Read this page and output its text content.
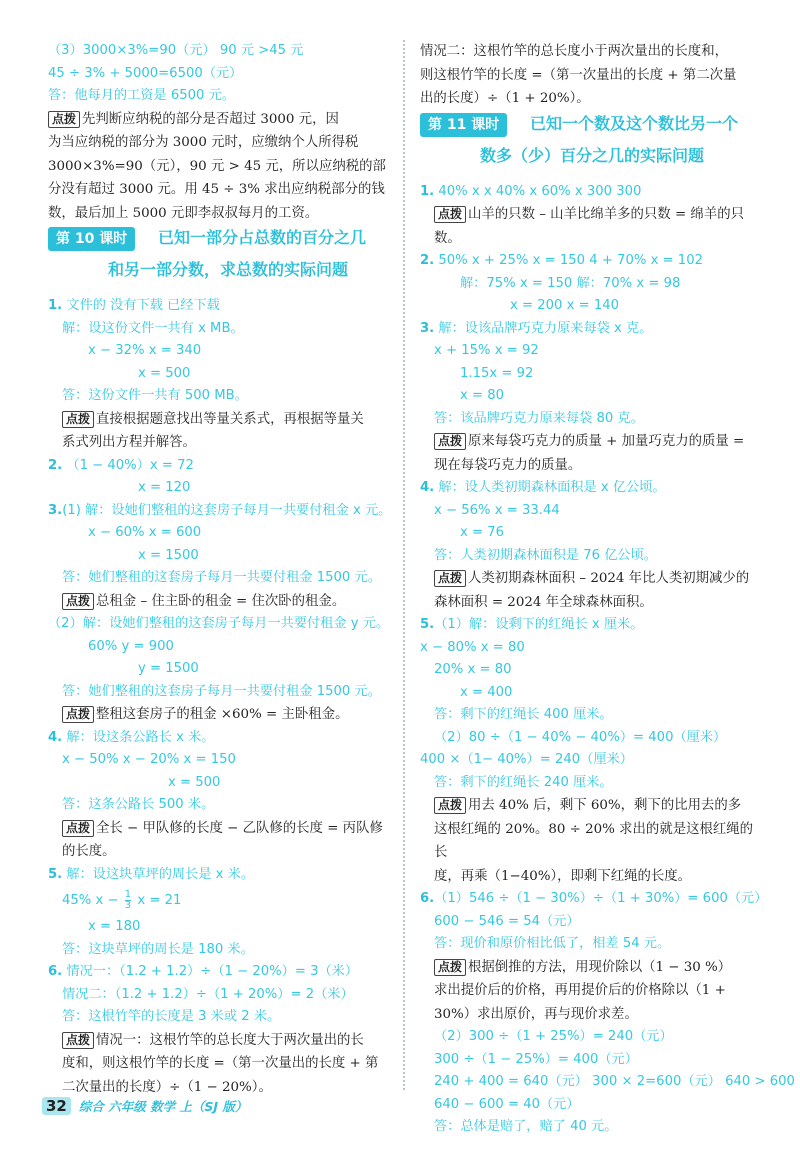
（3）3000×3%=90（元） 90 元 >45 元
45 ÷ 3% + 5000=6500（元）
答：他每月的工资是 6500 元。
点拨 先判断应纳税的部分是否超过 3000 元，因
为当应纳税的部分为 3000 元时，应缴纳个人所得税
3000×3%=90（元），90 元 > 45 元，所以应纳税的部
分没有超过 3000 元。用 45 ÷ 3% 求出应纳税部分的钱
数，最后加上 5000 元即李叔叔每月的工资。
第 10 课时	已知一部分占总数的百分之几
和另一部分数，求总数的实际问题
1. 文件的 没有下载 已经下载
解：设这份文件一共有 x MB。
x − 32% x = 340
x = 500
答：这份文件一共有 500 MB。
点拨 直接根据题意找出等量关系式，再根据等量关
系式列出方程并解答。
2. （1 − 40%）x = 72
x = 120
3.(1) 解：设她们整租的这套房子每月一共要付租金 x 元。
x − 60% x = 600
x = 1500
答：她们整租的这套房子每月一共要付租金 1500 元。
点拨 总租金 – 住主卧的租金 = 住次卧的租金。
（2）解：设她们整租的这套房子每月一共要付租金 y 元。
60% y = 900
y = 1500
答：她们整租的这套房子每月一共要付租金 1500 元。
点拨 整租这套房子的租金 ×60% = 主卧租金。
4. 解：设这条公路长 x 米。
x − 50% x − 20% x = 150
x = 500
答：这条公路长 500 米。
点拨 全长 − 甲队修的长度 − 乙队修的长度 = 丙队修
的长度。
5. 解：设这块草坪的周长是 x 米。
45% $x - \frac{1}{3}$ x = 21
x = 180
答：这块草坪的周长是 180 米。
6. 情况一：（1.2 + 1.2）÷（1 − 20%）= 3（米）
情况二：（1.2 + 1.2）÷（1 + 20%）= 2（米）
答：这根竹竿的长度是 3 米或 2 米。
点拨 情况一：这根竹竿的总长度大于两次量出的长
度和，则这根竹竿的长度 =（第一次量出的长度 + 第
二次量出的长度）÷（1 − 20%）。
情况二：这根竹竿的总长度小于两次量出的长度和，
则这根竹竿的长度 =（第一次量出的长度 + 第二次量
出的长度）÷（1 + 20%）。
第 11 课时	已知一个数及这个数比另一个
数多（少）百分之几的实际问题
1. 40% x x 40% x 60% x 300 300
点拨 山羊的只数 – 山羊比绵羊多的只数 = 绵羊的只数。
2. 50% x + 25% x = 150 4 + 70% x = 102
解：75% x = 150 解：70% x = 98
x = 200 x = 140
3. 解：设该品牌巧克力原来每袋 x 克。
x + 15% x = 92
1.15x = 92
x = 80
答：该品牌巧克力原来每袋 80 克。
点拨 原来每袋巧克力的质量 + 加量巧克力的质量 =
现在每袋巧克力的质量。
4. 解：设人类初期森林面积是 x 亿公顷。
x − 56% x = 33.44
x = 76
答：人类初期森林面积是 76 亿公顷。
点拨 人类初期森林面积 – 2024 年比人类初期减少的
森林面积 = 2024 年全球森林面积。
5.（1）解：设剩下的红绳长 x 厘米。
x − 80% x = 80
20% x = 80
x = 400
答：剩下的红绳长 400 厘米。
（2）80 ÷（1 − 40% − 40%）= 400（厘米）
400 ×（1− 40%）= 240（厘米）
答：剩下的红绳长 240 厘米。
点拨 用去 40% 后，剩下 60%，剩下的比用去的多
这根红绳的 20%。80 ÷ 20% 求出的就是这根红绳的长
度，再乘（1−40%），即剩下红绳的长度。
6.（1）546 ÷（1 − 30%）÷（1 + 30%）= 600（元）
600 − 546 = 54（元）
答：现价和原价相比低了，相差 54 元。
点拨 根据倒推的方法，用现价除以（1 − 30 %）
求出提价后的价格，再用提价后的价格除以（1 +
30%）求出原价，再与现价求差。
（2）300 ÷（1 + 25%）= 240（元）
300 ÷（1 − 25%）= 400（元）
240 + 400 = 640（元） 300 × 2=600（元） 640 > 600
640 − 600 = 40（元）
答：总体是赔了，赔了 40 元。
32 综合 六年级 数学 上（SJ 版）
